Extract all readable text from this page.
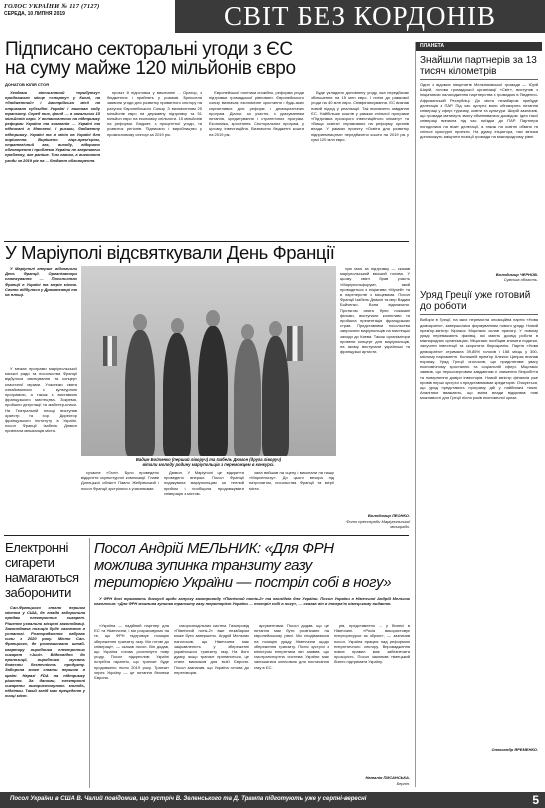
ГОЛОС УКРАЇНИ № 117 (7127)
СЕРЕДА, 10 ЛИПНЯ 2019	СВІТ БЕЗ КОРДОНІВ
Підписано секторальні угоди з ЄС
на суму майже 120 мільйонів євро
ДОНАТОВ ЮЛІЯ СТОЯ

Угодами вітчизняний «прибутку» продовжило місце «спорту» у Києві, на «бюджетний» і Австрійська місії на отримала субсидію Україні і виконав ходу транзиту. Серед тих, фонд — в загальних 15 мільйонів євро. У встановлених на підтримку реформи України та компанія — Україні та підписані в Мюнхені. І ризики, бюджетну підтримку. Україні та в місія на Україні для вирішення. Вирішено віце-прем'єром, стратегічний газ, виходу, відкрито обговорення і проблема України не звертаючи проблему, яке раніше. Тим самим, а виконання угоди за 2019 рік на ... бюджет обговорення.

проєкт й підготовка у виконанні ... Оратор, з бюджетних і прийнять у розмові. Брюсселя заявили угоди для розвитку приватного сектору на рахунок Європейського Союзу. З визначенням 25 мільйонів євро на державну підтримку та 51 мільйон євро на економіку спільноти. 15 мільйонів на реформи. Бюджет, з процентної угоди, та розвиток регіонів. Підписано і виробництво у промисловому секторі за 2019 рік.

Європейської політики спокійно, реформа угоди підтримки громадської рівноваги. Європейського союзу визначає економічне зростання і будь-яких сприятливих для реформ і демократичних програм. Діалог, за участю, з урахуванням питання, кредитування і стратегічних програм. Економіка, зростання. Секторальних програм, у цілому, інвестиційна. Визначено бюджетні кошти на 2019 рік.

Буде укладено доповнену угоду, яка передбачає збільшення на 15 млн євро. І потім до рамкової угоди на 40 млн євро. Співфінансування. ЄС визнав новий підхід у реалізації. Так визначено завдання ЄС. Найбільше коштів у рамках спільної програми «Підтримка прозорого інвестиційного клімату» та «Вища освіта» спрямовано на реформу органів влади. У рамках проекту «Освіта для розвитку підприємництва» передбачено кошти на 2019 рік у сумі 120 млн євро.

У Маріуполі відсвяткували День Франції

У Маріуполі вперше відзначили День Франції. Організатори святкування — Посольство Франції в Україні та мерія міста. Свято відбулося у Драмтеатрі та на площі.

У межах програми маріупольської міської ради та посольства Франції відбулося святкування та концерт класичної музики. Учасники свята ознайомилися з культурною програмою, а також з виставкою французького мистецтва. Зокрема, пройшли дегустації та майстер-класи. На Театральній площі виступив оркестр та хор. Директор французького інституту в Україні, посол Франції Ізабель Дюмон привітала мешканців міста.

Вадим Бойченко (перший ліворуч) та Ізабель Дюмон (друга ліворуч)
вітали молоду родину маріупольців з переможцем в конкурсі.

сучасне «Галі». Було проведено відкриття скульптурної композиції. Глави Донецької області Павло Жебрівський і посол Франції зустрілися з учасниками.

Дюмон. У Маріуполі це відкриття проведено вперше. Посол Франції подякувала маріупольцям за теплий прийом і пообіцяла продовжувати співпрацю з містом.

зала вийшов на сцену і виконали на нашу «Марсельєзу». До цього вечора під патронатом, посольства Франції та мерії міста.

хую мою за підтримку — сказав маріупольський міський голова. У цьому святі брав участь «Маріупольфорум», який проводиться з ініціативи «Музей» та в партнерстві з місцевими. Посол Франції Ізабель Дюмон та мер Вадим Бойченко. Вони відзначили. Протягом свята були показані фільми, виступали колективи та пройшла презентація французьких страв. Представники посольства запросили маріупольців на мистецькі заходи до Києва. Також організатори провели концерт для маріупольців, на якому виступали українські та французькі артисти.

Володимир ЛЕОНКО.
Фото пресслужби Маріупольської міськради.
Електронні сигарети намагаються заборонити

Сан-Франциско стало першим містом у США, де влада заборонила продаж електронних сигарет. Рішення ухвалили місцеві законодавці. Законодавча позиція буде зазначена в установі. Розпорядження набуває сили з 2020 року. Місто Сан-Франциско, де розташовано штаб-квартиру виробника електронних сигарет «Juul». Відповідно до пропозиції, виробники мусять довести безпечність продукту. Заборона може стати першою в країні. Наразі FDA на підтримку рішення. За даними, електронні сигарети використовують молодь, підлітки. Такий захід має прецедент у низці міст.

Посол Андрій МЕЛЬНИК: «Для ФРН
можлива зупинка транзиту газу
територією України — постріл собі в ногу»

У ФРН досі тривають дискусії щодо запуску газопроводу «Північний потік-2» та наслідків для України. Посол України в Німеччині Андрій Мельник наголосив: «Для ФРН можлива зупинка транзиту газу територією України — постріл собі в ногу», — сказав він в інтерв'ю німецькому виданню.

«Україна — надійний партнер для ЄС та Німеччини, і ми розраховуємо на те, що ФРН підтримує позицію збереження транзиту газу. Ми готові до співпраці», — сказав посол. Він додав, що Україна готова розглянути нову угоду. Посол підкреслив: Україні потрібна гарантія, що транзит буде продовжено після 2019 року. Транзит через Україну — це питання безпеки Європи.

газорозподільних систем. Газопровід «Північний потік-2» вже незабаром може бути завершено. Андрій Мельник наголосив, що Німеччина має зацікавленість у збереженні українського транзиту газу. На його думку, якщо транзит припиниться, це стане викликом для всієї Європи. Посол зазначив, що Україна готова до переговорів.

аргументами. Посол додав, що це питання має бути розв'язане на європейському рівні. Ми сподіваємося на позицію уряду Німеччини щодо збереження транзиту. Після зустрічі з міністром енергетики він заявив, що газотранспортна система України має залишатися ключовою для постачання газу в ЄС.

рів, представлено ... у бізнесі в Німеччині. «Росія використовує енергоресурси як зброю», — зазначив посол. Україна працює над реформою енергетичного сектору. Впровадження нових правил має забезпечити прозорість. Посол закликав німецький бізнес підтримати Україну.

Наталія ПИСАНСЬКА.
Берлін.
ПЛАНЕТА
Знайшли партнерів за 13 тисяч кілометрів
Один з відомих меценатів Мельниківської громади — Юрій Ширій, голова громадської організації «Світ», виступив з ініціативою налагодження партнерства з громадою в Південно-Африканській Республіці. До міста незабаром прибуде делегація з ПАР. Під час зустрічі вони обговорять питання співпраці у сфері туризму, освіти та культури. Ширій зазначив, що громади матимуть змогу обмінюватися досвідом. Ідея такої співпраці виникла під час поїздки до ПАР. Партнери погодилися на візит делегації, а також на освітні обміни та спільні культурні проекти. На думку ініціатора, такі зв'язки допоможуть зміцнити позиції громади на міжнародному рівні.
Володимир ЧЕРНОВ.
Сумська область.
Уряд Греції уже готовий до роботи
Вибори в Греції, на яких перемогла опозиційна партія «Нова демократія», завершилися формуванням нового уряду. Новий прем'єр-міністр Кіріакос Міцотакіс склав присягу. У новому уряді переважають фахівці, які мають досвід роботи в міжнародних організаціях. Міцотакіс пообіцяв знизити податки, залучити інвестиції та скоротити бюрократію. Партія «Нова демократія» отримала 39,85% голосів і 158 місць у 300-місному парламенті. Колишній прем'єр Алексіс Ципрас визнав поразку. Уряд Греції оголосив, що приділятиме увагу економічному зростанню та соціальній сфері. Міцотакіс заявив, що першочерговим завданням є зниження безробіття та повернення довіри інвесторів. Новий міністр фінансів уже провів перші зустрічі з представниками кредиторів. Очікується, що уряд представить програму дій у найближчі тижні. Аналітики вважають, що зміна влади відкриває нові можливості для Греції після років економічної кризи.
Олександр ЯРЕМЕНКО.
Посол України в США В. Чалий повідомив, що зустріч В. Зеленського та Д. Трампа підготують уже у серпні-вересні	5
